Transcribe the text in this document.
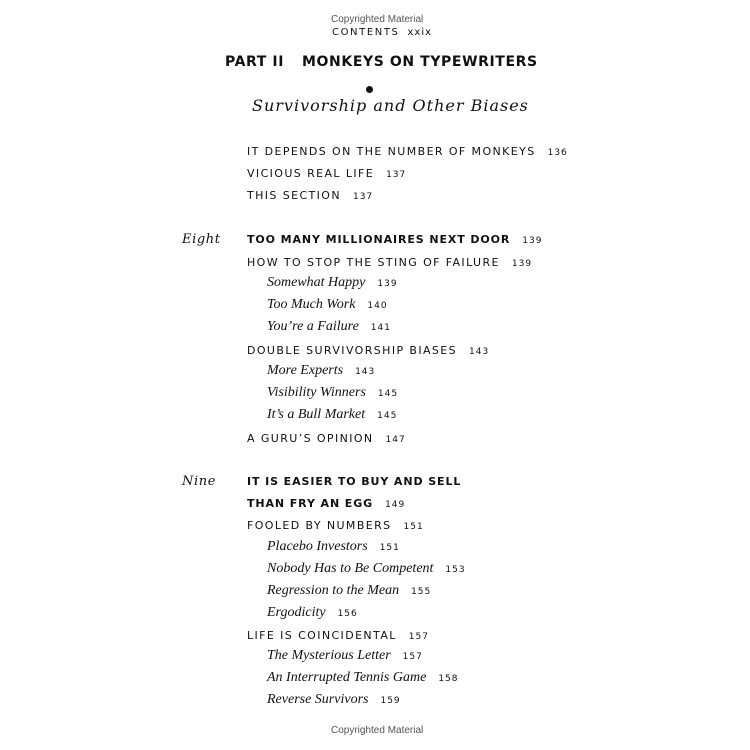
Copyrighted Material
CONTENTS xxix
PART II MONKEYS ON TYPEWRITERS
Survivorship and Other Biases
IT DEPENDS ON THE NUMBER OF MONKEYS 136
VICIOUS REAL LIFE 137
THIS SECTION 137
Eight TOO MANY MILLIONAIRES NEXT DOOR 139
HOW TO STOP THE STING OF FAILURE 139
Somewhat Happy 139
Too Much Work 140
You’re a Failure 141
DOUBLE SURVIVORSHIP BIASES 143
More Experts 143
Visibility Winners 145
It’s a Bull Market 145
A GURU’S OPINION 147
Nine	IT IS EASIER TO BUY AND SELL
THAN FRY AN EGG 149
FOOLED BY NUMBERS 151
Placebo Investors 151
Nobody Has to Be Competent 153
Regression to the Mean 155
Ergodicity 156
LIFE IS COINCIDENTAL 157
The Mysterious Letter 157
An Interrupted Tennis Game 158
Reverse Survivors 159
Copyrighted Material
